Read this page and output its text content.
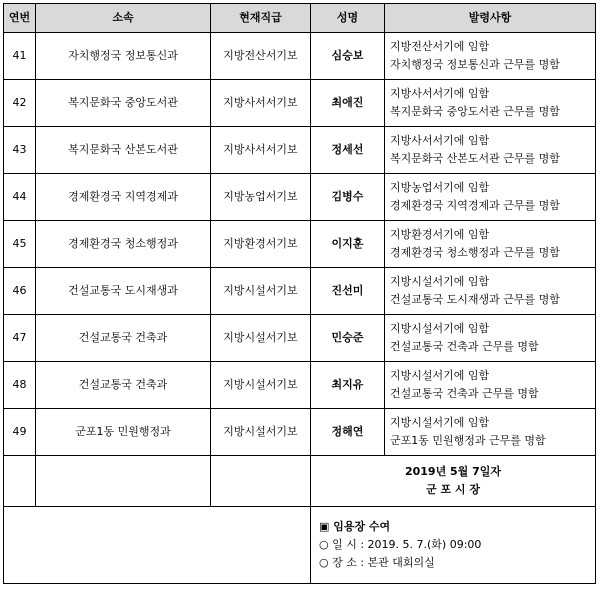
연번	소속	현재직급	성명	발령사항
41	자치행정국 정보통신과	지방전산서기보	심승보	지방전산서기에 임함
자치행정국 정보통신과 근무를 명함

42	복지문화국 중앙도서관	지방사서서기보	최애진	지방사서서기에 임함
복지문화국 중앙도서관 근무를 명함

43	복지문화국 산본도서관	지방사서서기보	정세선	지방사서서기에 임함
복지문화국 산본도서관 근무를 명함

44	경제환경국 지역경제과	지방농업서기보	김병수	지방농업서기에 임함
경제환경국 지역경제과 근무를 명함

45	경제환경국 청소행정과	지방환경서기보	이지훈	지방환경서기에 임함
경제환경국 청소행정과 근무를 명함

46	건설교통국 도시재생과	지방시설서기보	진선미	지방시설서기에 임함
건설교통국 도시재생과 근무를 명함

47	건설교통국 건축과	지방시설서기보	민승준	지방시설서기에 임함
건설교통국 건축과 근무를 명함

48	건설교통국 건축과	지방시설서기보	최지유	지방시설서기에 임함
건설교통국 건축과 근무를 명함

49	군포1동 민원행정과	지방시설서기보	정해연	지방시설서기에 임함
군포1동 민원행정과 근무를 명함

			2019년 5월 7일자
군 포 시 장	

			▣ 임용장 수여
○ 일 시 : 2019. 5. 7.(화) 09:00
○ 장 소 : 본관 대회의실	
